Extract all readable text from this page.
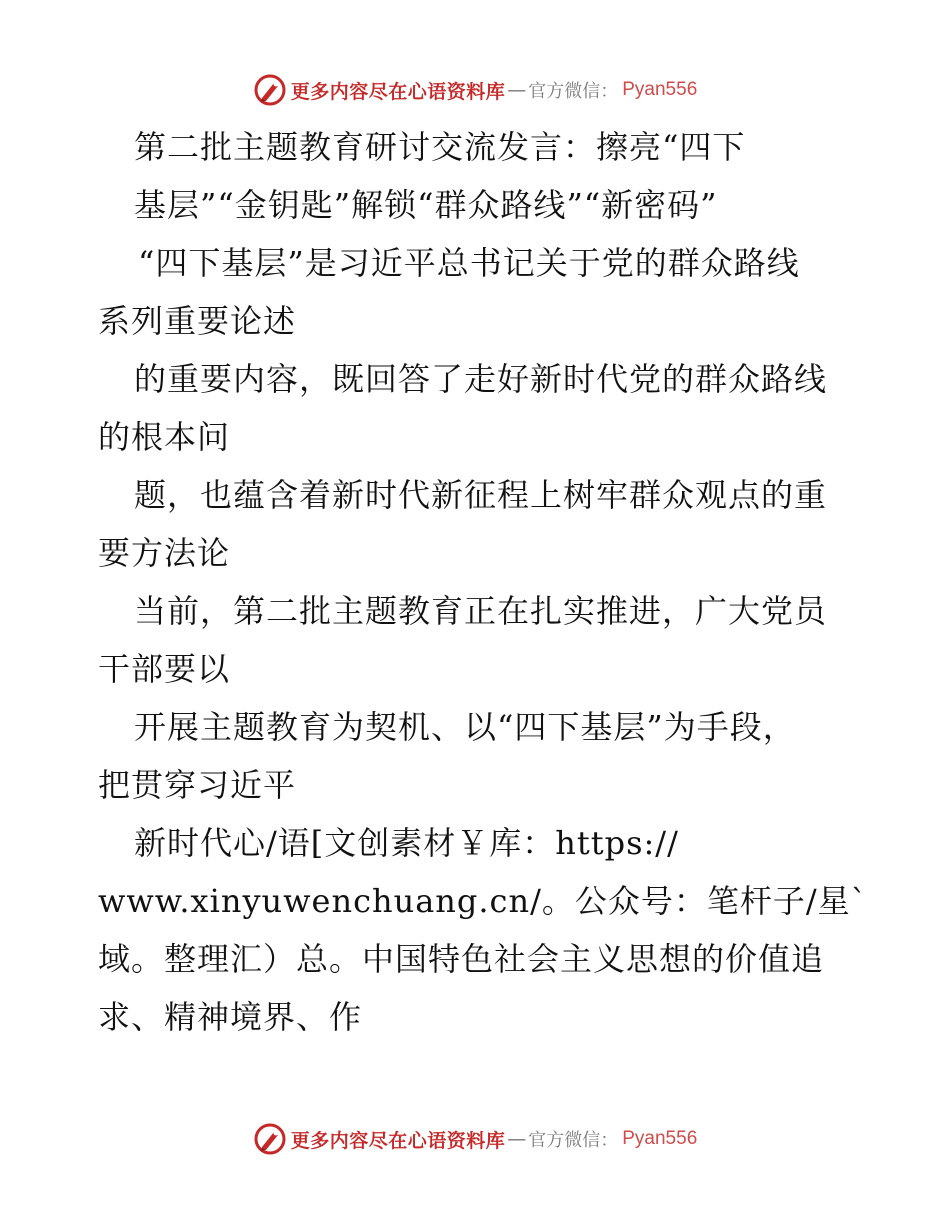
更多内容尽在心语资料库 — 官方微信： Pyan556
第二批主题教育研讨交流发言：擦亮“四下
基层”“金钥匙”解锁“群众路线”“新密码”
“四下基层”是习近平总书记关于党的群众路线
系列重要论述
的重要内容，既回答了走好新时代党的群众路线
的根本问
题，也蕴含着新时代新征程上树牢群众观点的重
要方法论
当前，第二批主题教育正在扎实推进，广大党员
干部要以
开展主题教育为契机、以“四下基层”为手段，
把贯穿习近平
新时代心/语[文创素材￥库：https://
www.xinyuwenchuang.cn/。公众号：笔杆子/星`
域。整理汇）总。中国特色社会主义思想的价值追
求、精神境界、作
更多内容尽在心语资料库 — 官方微信： Pyan556
